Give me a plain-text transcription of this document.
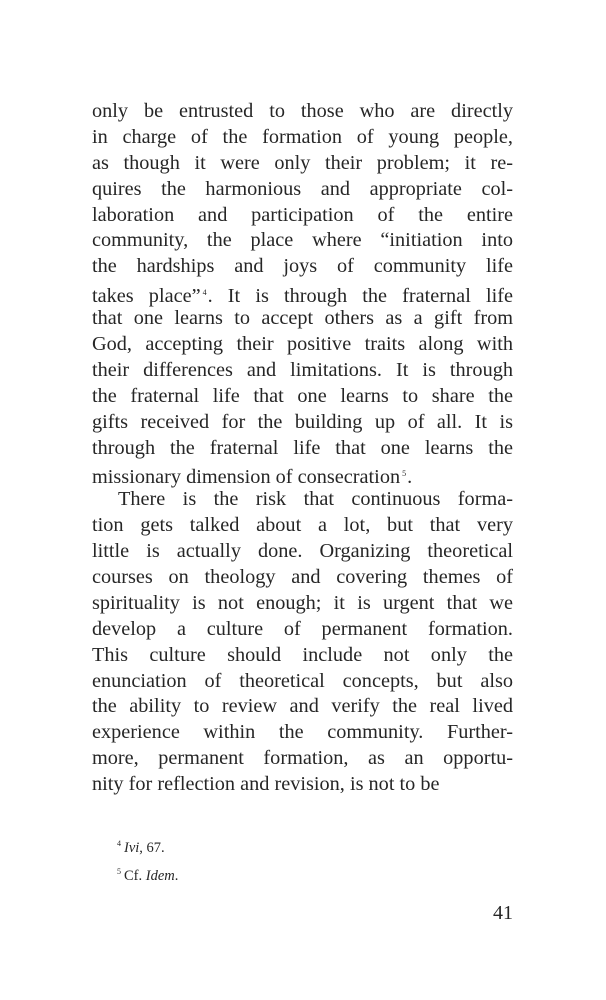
only be entrusted to those who are directly
in charge of the formation of young people,
as though it were only their problem; it re-
quires the harmonious and appropriate col-
laboration and participation of the entire
community, the place where “initiation into
the hardships and joys of community life
takes place” $^4$. It is through the fraternal life
that one learns to accept others as a gift from
God, accepting their positive traits along with
their differences and limitations. It is through
the fraternal life that one learns to share the
gifts received for the building up of all. It is
through the fraternal life that one learns the
missionary dimension of consecration $^5$.
There is the risk that continuous forma-
tion gets talked about a lot, but that very
little is actually done. Organizing theoretical
courses on theology and covering themes of
spirituality is not enough; it is urgent that we
develop a culture of permanent formation.
This culture should include not only the
enunciation of theoretical concepts, but also
the ability to review and verify the real lived
experience within the community. Further-
more, permanent formation, as an opportu-
nity for reflection and revision, is not to be
$^4$ Ivi, 67.
$^5$ Cf. Idem.
41
